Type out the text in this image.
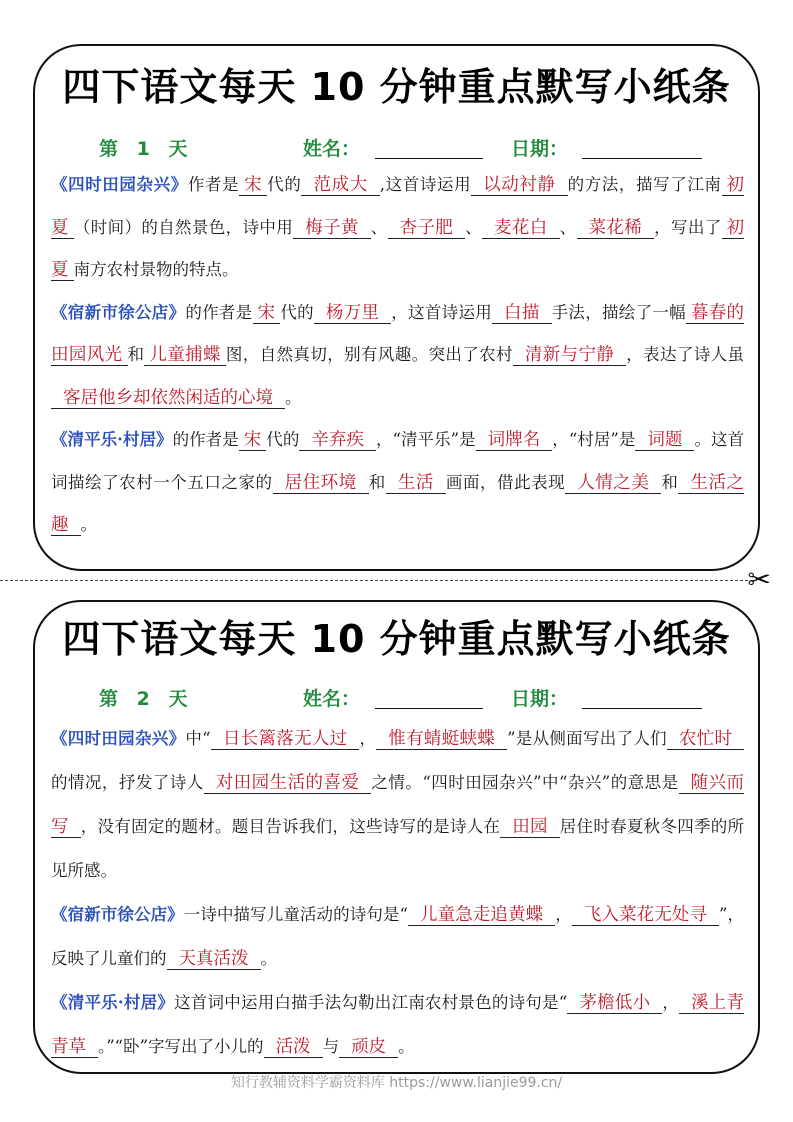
四下语文每天 10 分钟重点默写小纸条
第 1 天	姓名：	日期：
《四时田园杂兴》作者是 宋 代的 范成大 ,这首诗运用 以动衬静 的方法，描写了江南 初夏 （时间）的自然景色，诗中用 梅子黄 、 杏子肥 、 麦花白 、 菜花稀 ，写出了 初夏 南方农村景物的特点。
《宿新市徐公店》的作者是 宋 代的 杨万里 ，这首诗运用 白描 手法，描绘了一幅 暮春的田园风光 和 儿童捕蝶 图，自然真切，别有风趣。突出了农村 清新与宁静 ，表达了诗人虽客居他乡却依然闲适的心境 。
《清平乐·村居》的作者是 宋 代的 辛弃疾 ，“清平乐”是 词牌名 ，“村居”是 词题 。这首词描绘了农村一个五口之家的 居住环境 和 生活 画面，借此表现 人情之美 和 生活之趣 。
✂
四下语文每天 10 分钟重点默写小纸条
第 2 天	姓名：	日期：
《四时田园杂兴》中“ 日长篱落无人过 ， 惟有蜻蜓蛱蝶 ”是从侧面写出了人们 农忙时的情况，抒发了诗人 对田园生活的喜爱 之情。“四时田园杂兴”中“杂兴”的意思是 随兴而写 ，没有固定的题材。题目告诉我们，这些诗写的是诗人在 田园 居住时春夏秋冬四季的所见所感。
《宿新市徐公店》一诗中描写儿童活动的诗句是“ 儿童急走追黄蝶 ， 飞入菜花无处寻 ”，反映了儿童们的 天真活泼 。
《清平乐·村居》这首词中运用白描手法勾勒出江南农村景色的诗句是“ 茅檐低小 ， 溪上青青草 。”“卧”字写出了小儿的 活泼 与 顽皮 。
知行教辅资料学霸资料库 https://www.lianjie99.cn/
